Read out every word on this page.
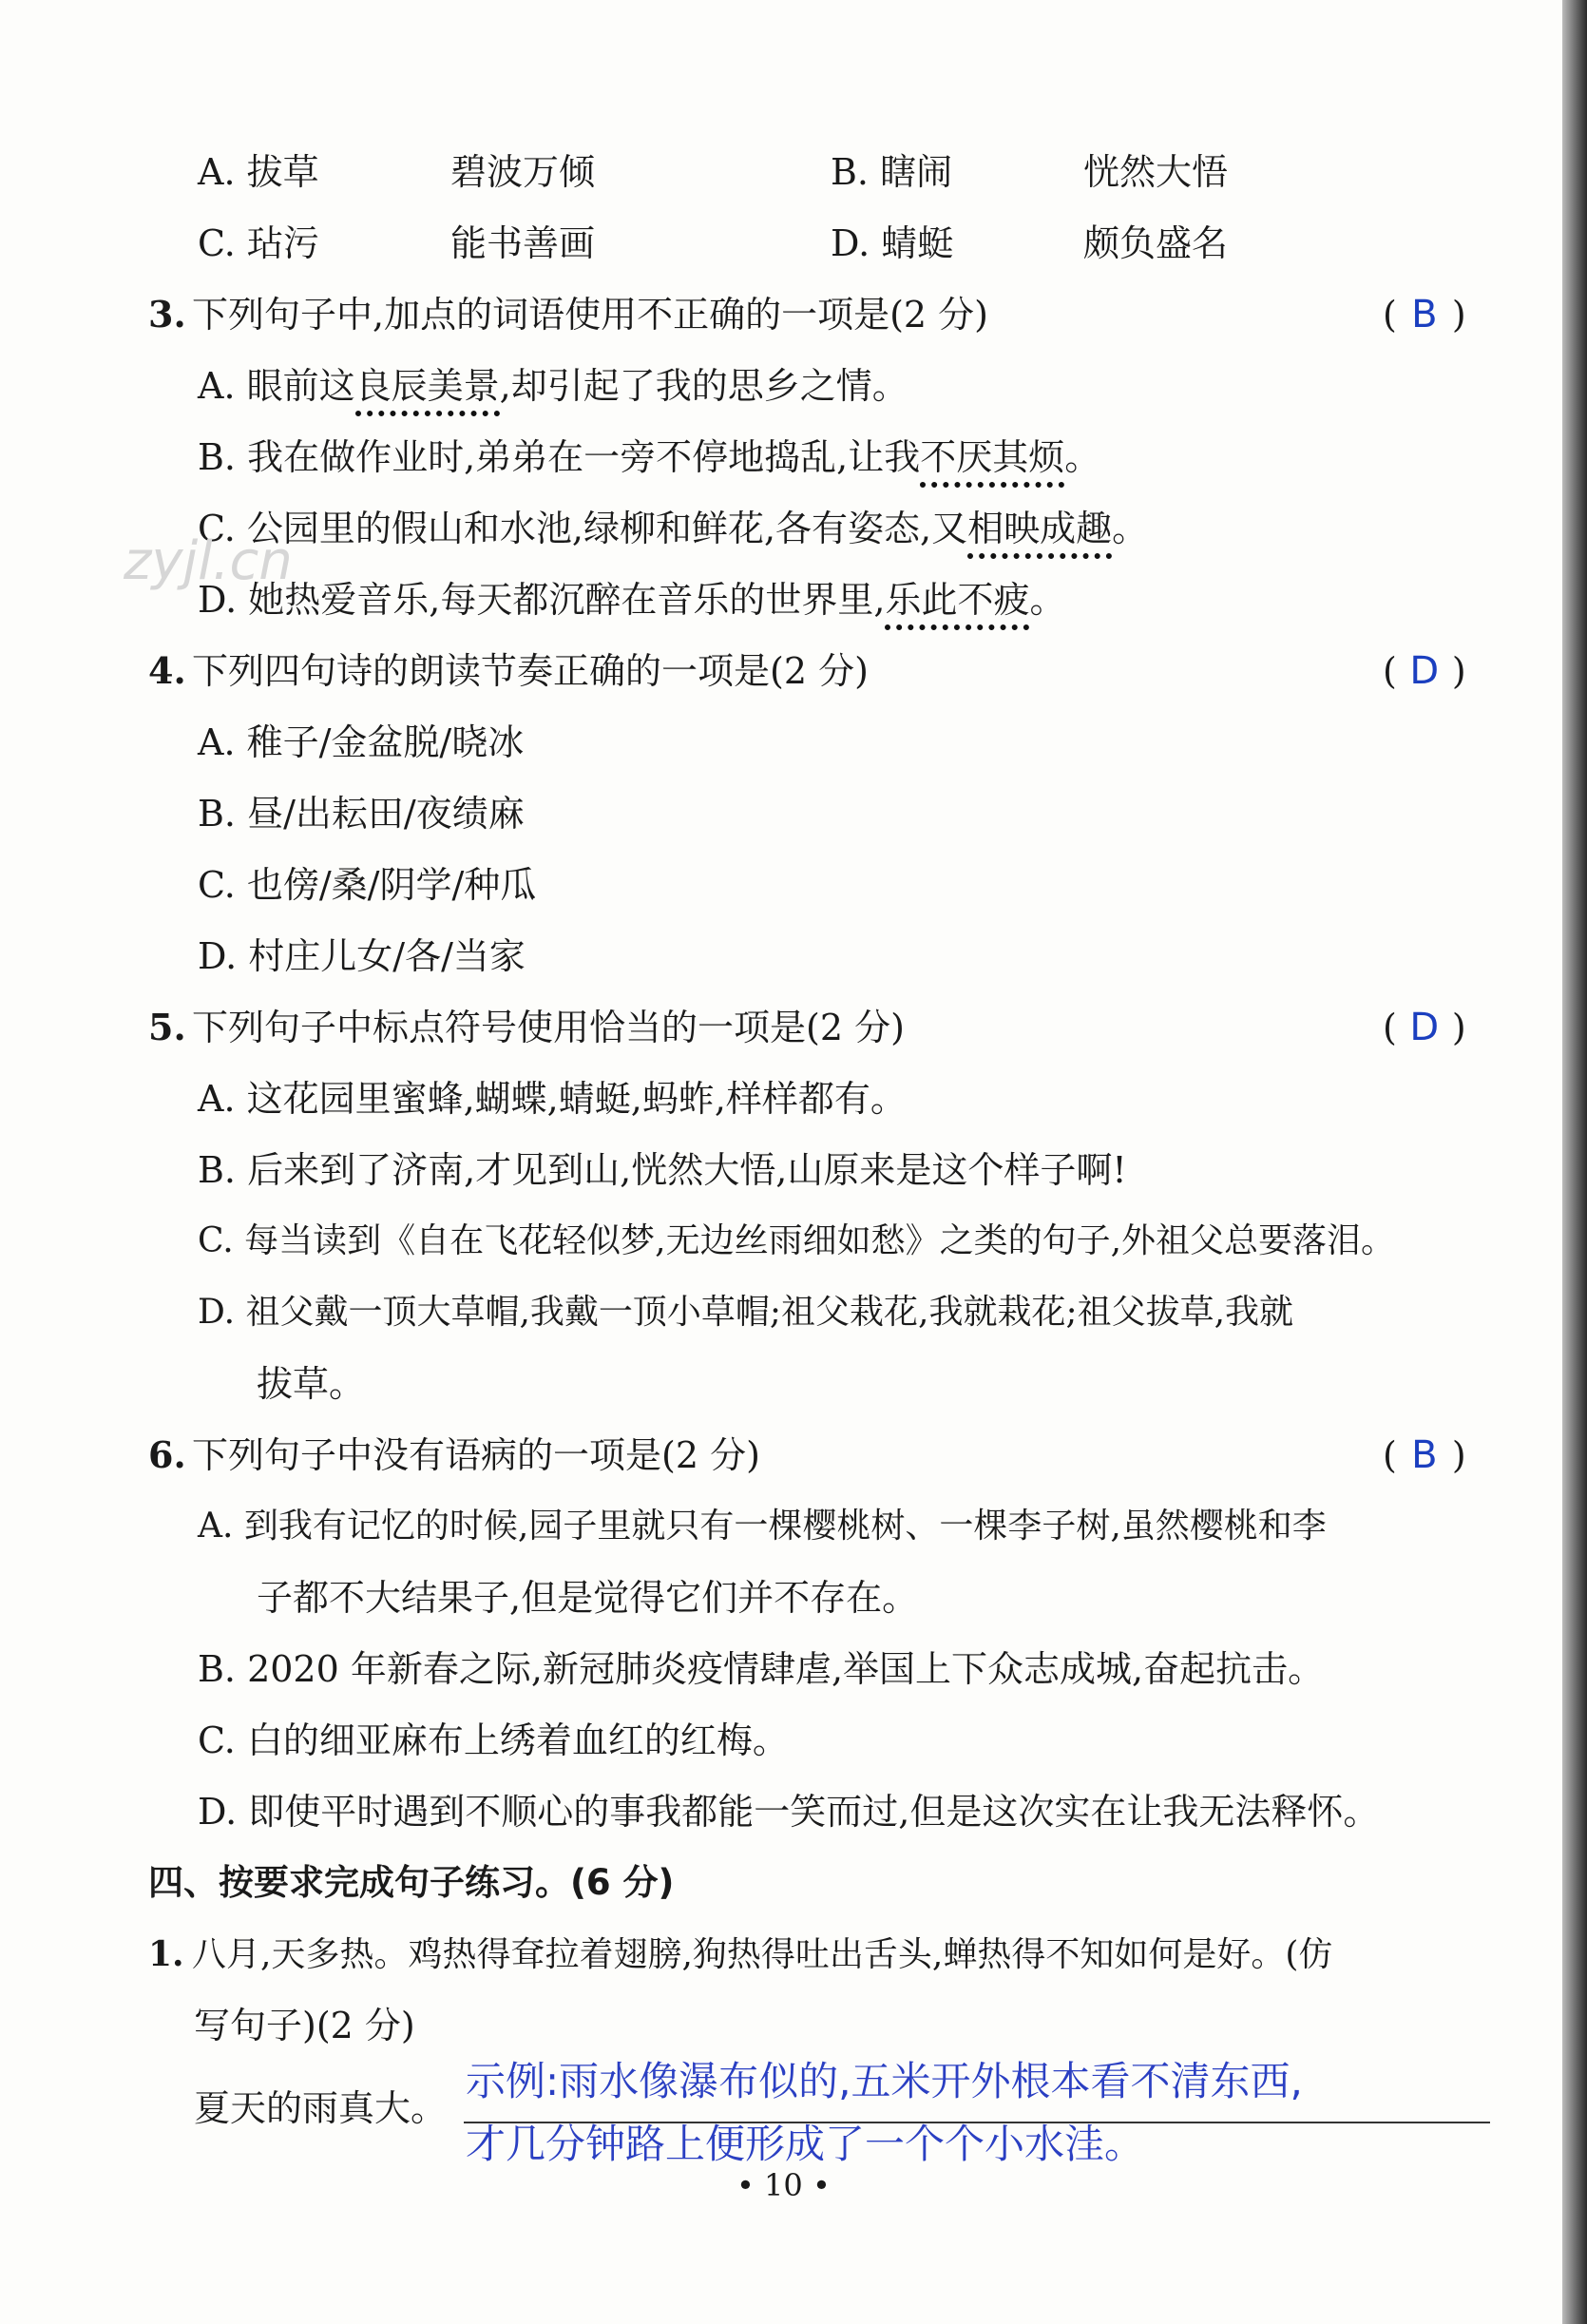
A. 拔草	碧波万倾	B. 瞎闹	恍然大悟
C. 玷污	能书善画	D. 蜻蜓	颇负盛名
3. 下列句子中,加点的词语使用不正确的一项是(2 分)	( B )
A. 眼前这良辰美景,却引起了我的思乡之情。
B. 我在做作业时,弟弟在一旁不停地捣乱,让我不厌其烦。
C. 公园里的假山和水池,绿柳和鲜花,各有姿态,又相映成趣。
D. 她热爱音乐,每天都沉醉在音乐的世界里,乐此不疲。
zyjl.cn
4. 下列四句诗的朗读节奏正确的一项是(2 分)	( D )
A. 稚子/金盆脱/晓冰
B. 昼/出耘田/夜绩麻
C. 也傍/桑/阴学/种瓜
D. 村庄儿女/各/当家
5. 下列句子中标点符号使用恰当的一项是(2 分)	( D )
A. 这花园里蜜蜂,蝴蝶,蜻蜓,蚂蚱,样样都有。
B. 后来到了济南,才见到山,恍然大悟,山原来是这个样子啊!
C. 每当读到《自在飞花轻似梦,无边丝雨细如愁》之类的句子,外祖父总要落泪。
D. 祖父戴一顶大草帽,我戴一顶小草帽;祖父栽花,我就栽花;祖父拔草,我就
拔草。
6. 下列句子中没有语病的一项是(2 分)	( B )
A. 到我有记忆的时候,园子里就只有一棵樱桃树、一棵李子树,虽然樱桃和李
子都不大结果子,但是觉得它们并不存在。
B. 2020 年新春之际,新冠肺炎疫情肆虐,举国上下众志成城,奋起抗击。
C. 白的细亚麻布上绣着血红的红梅。
D. 即使平时遇到不顺心的事我都能一笑而过,但是这次实在让我无法释怀。
四、按要求完成句子练习。(6 分)
1. 八月,天多热。鸡热得耷拉着翅膀,狗热得吐出舌头,蝉热得不知如何是好。(仿
写句子)(2 分)
夏天的雨真大。
示例:雨水像瀑布似的,五米开外根本看不清东西,
才几分钟路上便形成了一个个小水洼。
• 10 •
